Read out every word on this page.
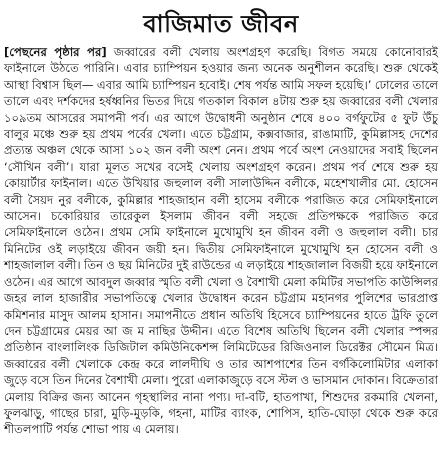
বাজিমাত জীবন
[পেছনের পৃষ্ঠার পর] জব্বারের বলী খেলায় অংশগ্রহণ করেছি। বিগত সময়ে কোনোবারই ফাইনালে উঠতে পারিনি। এবার চ্যাম্পিয়ন হওয়ার জন্য অনেক অনুশীলন করেছি। শুরু থেকেই আস্থা বিশ্বাস ছিল— এবার আমি চ্যাম্পিয়ন হবোই। শেষ পর্যন্ত আমি সফল হয়েছি।’ ঢোলের তালে তালে এবং দর্শকদের হর্ষধ্বনির ভিতর দিয়ে গতকাল বিকাল ৪টায় শুরু হয় জব্বারের বলী খেলার ১০৯তম আসরের সমাপনী পর্ব। এর আগে উদ্বোধনী অনুষ্ঠান শেষে ৪০০ বর্গফুটের ৫ ফুট উঁচু বালুর মঞ্চে শুরু হয় প্রথম পর্বের খেলা। এতে চট্টগ্রাম, কক্সবাজার, রাঙামাটি, কুমিল্লাসহ দেশের প্রত্যন্ত অঞ্চল থেকে আসা ১০২ জন বলী অংশ নেন। প্রথম পর্বে অংশ নেওয়াদের সবাই ছিলেন ‘সৌখিন বলী’। যারা মূলত সখের বসেই খেলায় অংশগ্রহণ করেন। প্রথম পর্ব শেষে শুরু হয় কোয়ার্টার ফাইনাল। এতে উখিয়ার জহুলাল বলী সালাউদ্দিন বলীকে, মহেশখালীর মো. হোসেন বলী সৈয়দ নুর বলীকে, কুমিল্লার শাহজাহান বলী হাসেম বলীকে পরাজিত করে সেমিফাইনালে আসেন। চকোরিয়ার তারেকুল ইসলাম জীবন বলী সহজে প্রতিপক্ষকে পরাজিত করে সেমিফাইনালে ওঠেন। প্রথম সেমি ফাইনালে মুখোমুখি হন জীবন বলী ও জহুলাল বলী। চার মিনিটের ওই লড়াইয়ে জীবন জয়ী হন। দ্বিতীয় সেমিফাইনালে মুখোমুখি হন হোসেন বলী ও শাহজালাল বলী। তিন ও ছয় মিনিটের দুই রাউন্ডের এ লড়াইয়ে শাহজালাল বিজয়ী হয়ে ফাইনালে ওঠেন। এর আগে আবদুল জব্বার স্মৃতি বলী খেলা ও বৈশাখী মেলা কমিটির সভাপতি কাউন্সিলর জহর লাল হাজারীর সভাপতিত্বে খেলার উদ্বোধন করেন চট্টগ্রাম মহানগর পুলিশের ভারপ্রাপ্ত কমিশনার মাসুদ আলম হাসান। সমাপনীতে প্রধান অতিথি হিসেবে চ্যাম্পিয়নের হাতে ট্রফি তুলে দেন চট্টগ্রামের মেয়র আ জ ম নাছির উদ্দীন। এতে বিশেষ অতিথি ছিলেন বলী খেলার স্পন্সর প্রতিষ্ঠান বাংলালিংক ডিজিটাল কমিউনিকেশন্স লিমিটেডের রিজিওনাল ডিরেক্টর সৌমেন মিত্র। জব্বারের বলী খেলাকে কেন্দ্র করে লালদীঘি ও তার আশপাশের তিন বর্গকিলোমিটার এলাকা জুড়ে বসে তিন দিনের বৈশাখী মেলা। পুরো এলাকাজুড়ে বসে স্টল ও ভাসমান দোকান। বিক্রেতারা মেলায় বিক্রির জন্য আনেন গৃহস্থালির নানা পণ্য। দা-বটি, হাতপাখা, শিশুদের রকমারি খেলনা, ফুলঝাড়ু, গাছের চারা, মুড়ি-মুড়কি, গহনা, মাটির ব্যাংক, শোপিস, হাতি-ঘোড়া থেকে শুরু করে শীতলপাটি পর্যন্ত শোভা পায় এ মেলায়।
